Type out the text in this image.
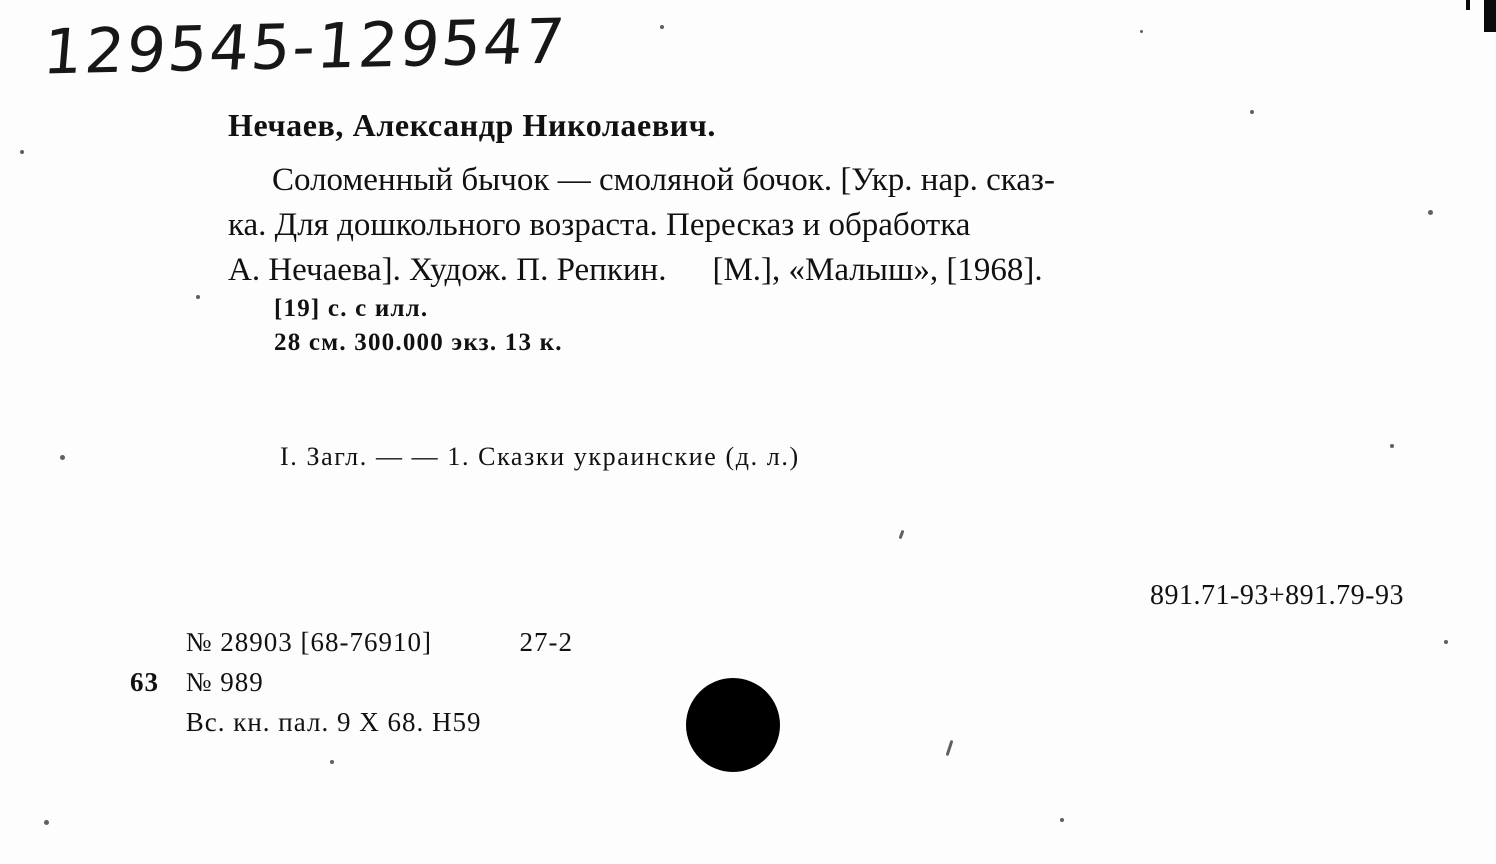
129545-129547
Нечаев, Александр Николаевич.
Соломенный бычок — смоляной бочок. [Укр. нар. сказ-
ка. Для дошкольного возраста. Пересказ и обработка
А. Нечаева]. Худож. П. Репкин. [М.], «Малыш», [1968].
[19] с. с илл.
28 см. 300.000 экз. 13 к.
I. Загл. — — 1. Сказки украинские (д. л.)
891.71-93+891.79-93
№ 28903 [68-76910]	27-2
63 № 989
Вс. кн. пал. 9 X 68. Н59
